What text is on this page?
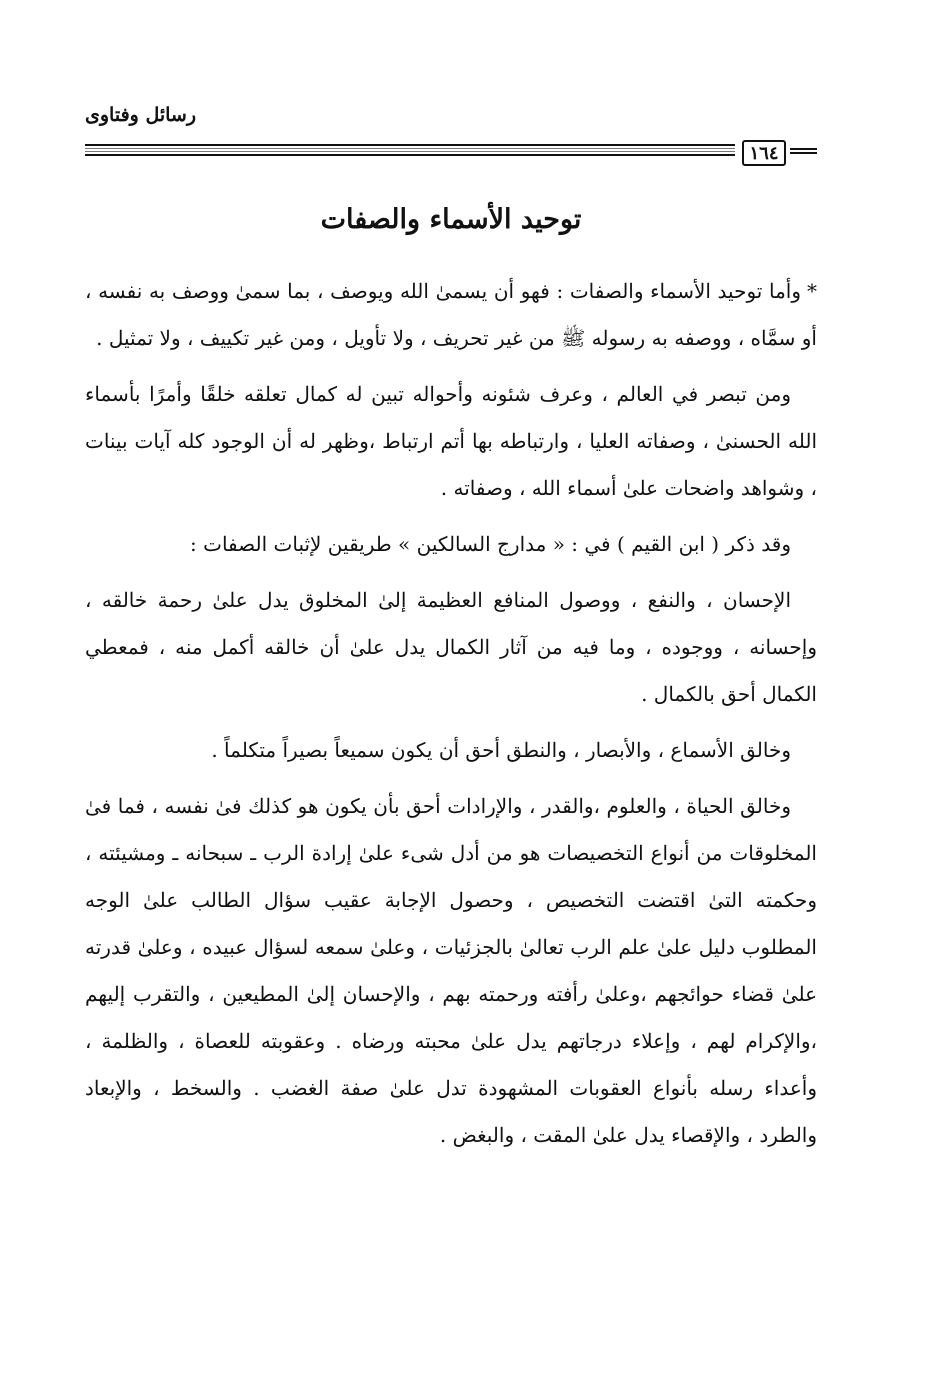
رسائل وفتاوى
١٦٤
توحيد الأسماء والصفات

*وأما توحيد الأسماء والصفات : فهو أن يسمىٰ الله ويوصف ، بما سمىٰ ووصف به نفسه ، أو سمَّاه ، ووصفه به رسوله ﷺ من غير تحريف ، ولا تأويل ، ومن غير تكييف ، ولا تمثيل .

ومن تبصر في العالم ، وعرف شئونه وأحواله تبين له كمال تعلقه خلقًا وأمرًا بأسماء الله الحسنىٰ ، وصفاته العليا ، وارتباطه بها أتم ارتباط ،وظهر له أن الوجود كله آيات بينات ، وشواهد واضحات علىٰ أسماء الله ، وصفاته .

وقد ذكر ( ابن القيم ) في : « مدارج السالكين » طريقين لإثبات الصفات :

الإحسان ، والنفع ، ووصول المنافع العظيمة إلىٰ المخلوق يدل علىٰ رحمة خالقه ، وإحسانه ، ووجوده ، وما فيه من آثار الكمال يدل علىٰ أن خالقه أكمل منه ، فمعطي الكمال أحق بالكمال .

وخالق الأسماع ، والأبصار ، والنطق أحق أن يكون سميعاً بصيراً متكلماً .

وخالق الحياة ، والعلوم ،والقدر ، والإرادات أحق بأن يكون هو كذلك فىٰ نفسه ، فما فىٰ المخلوقات من أنواع التخصيصات هو من أدل شىء علىٰ إرادة الرب ـ سبحانه ـ ومشيئته ، وحكمته التىٰ اقتضت التخصيص ، وحصول الإجابة عقيب سؤال الطالب علىٰ الوجه المطلوب دليل علىٰ علم الرب تعالىٰ بالجزئيات ، وعلىٰ سمعه لسؤال عبيده ، وعلىٰ قدرته علىٰ قضاء حوائجهم ،وعلىٰ رأفته ورحمته بهم ، والإحسان إلىٰ المطيعين ، والتقرب إليهم ،والإكرام لهم ، وإعلاء درجاتهم يدل علىٰ محبته ورضاه . وعقوبته للعصاة ، والظلمة ، وأعداء رسله بأنواع العقوبات المشهودة تدل علىٰ صفة الغضب . والسخط ، والإبعاد والطرد ، والإقصاء يدل علىٰ المقت ، والبغض .
